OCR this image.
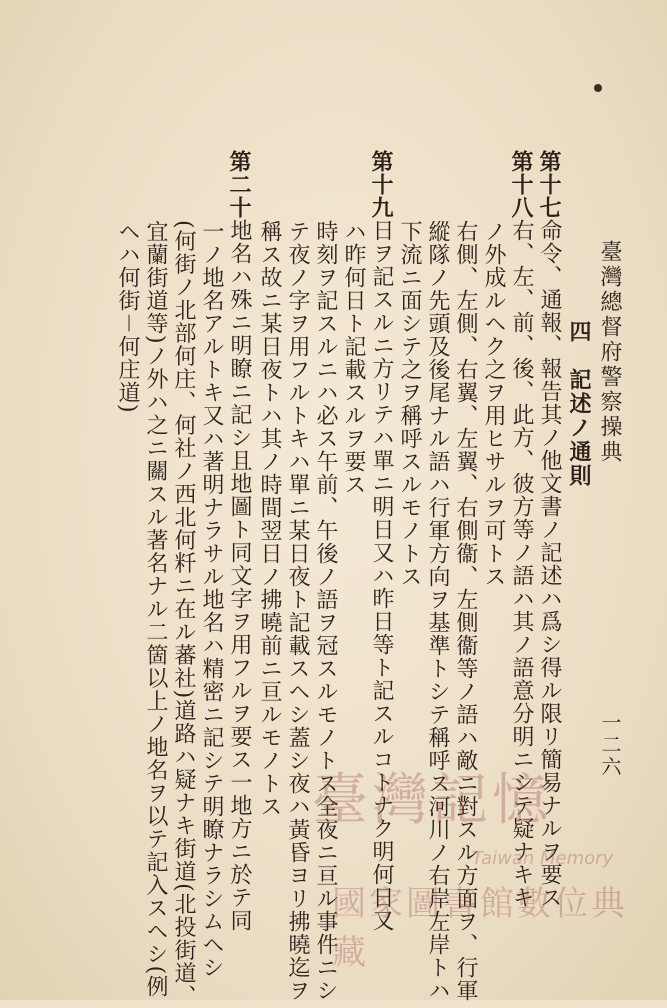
臺灣總督府警察操典
一二六
四　記述ノ通則
第十七命令、通報、報告其ノ他文書ノ記述ハ爲シ得ル限リ簡易ナルヲ要ス
第十八右、左、前、後、此方、彼方等ノ語ハ其ノ語意分明ニシテ疑ナキキ
ノ外成ルヘク之ヲ用ヒサルヲ可トス
右側、左側、右翼、左翼、右側衞、左側衞等ノ語ハ敵ニ對スル方面ヲ、行軍
縱隊ノ先頭及後尾ナル語ハ行軍方向ヲ基準トシテ稱呼ス河川ノ右岸左岸トハ
下流ニ面シテ之ヲ稱呼スルモノトス
第十九日ヲ記スルニ方リテハ單ニ明日又ハ昨日等ト記スルコトナク明何日又
ハ昨何日ト記載スルヲ要ス
時刻ヲ記スルニハ必ス午前、午後ノ語ヲ冠スルモノトス全夜ニ亘ル事件ニシ
テ夜ノ字ヲ用フルトキハ單ニ某日夜ト記載スヘシ蓋シ夜ハ黃昏ヨリ拂曉迄ヲ
稱ス故ニ某日夜トハ其ノ時間翌日ノ拂曉前ニ亘ルモノトス
第二十地名ハ殊ニ明瞭ニ記シ且地圖ト同文字ヲ用フルヲ要ス一地方ニ於テ同
一ノ地名アルトキ又ハ著明ナラサル地名ハ精密ニ記シテ明瞭ナラシムヘシ
(何街ノ北部何庄、何社ノ西北何粁ニ在ル蕃社)道路ハ疑ナキ街道(北投街道、
宜蘭街道等)ノ外ハ之ニ關スル著名ナル二箇以上ノ地名ヲ以テ記入スヘシ(例
ヘハ何街－何庄道)
臺灣記憶
Taiwan Memory
國家圖書館數位典藏
